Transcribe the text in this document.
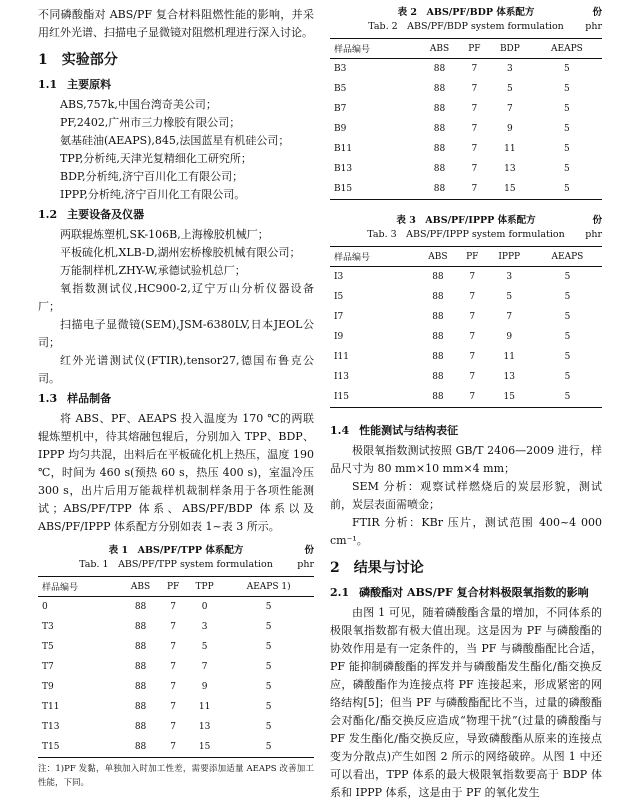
不同磷酸酯对 ABS/PF 复合材料阻燃性能的影响，并采用红外光谱、扫描电子显微镜对阻燃机理进行深入讨论。

1　 实验部分
1.1 主要原料

ABS,757k,中国台湾奇美公司；

PF,2402,广州市三力橡胶有限公司；

氨基硅油(AEAPS),845,法国蓝星有机硅公司；

TPP,分析纯,天津光复精细化工研究所；

BDP,分析纯,济宁百川化工有限公司；

IPPP,分析纯,济宁百川化工有限公司。

1.2 主要设备及仪器

两联辊炼塑机,SK-106B,上海橡胶机械厂；

平板硫化机,XLB-D,湖州宏桥橡胶机械有限公司；

万能制样机,ZHY-W,承德试验机总厂；

氧指数测试仪,HC900-2,辽宁万山分析仪器设备厂；

扫描电子显微镜(SEM),JSM-6380LV,日本JEOL公司；

红外光谱测试仪(FTIR),tensor27,德国布鲁克公司。

1.3 样品制备

将 ABS、PF、AEAPS 投入温度为 170 ℃的两联辊炼塑机中，待其熔融包辊后，分别加入 TPP、BDP、IPPP 均匀共混，出料后在平板硫化机上热压，温度 190 ℃，时间为 460 s(预热 60 s，热压 400 s)，室温冷压 300 s，出片后用万能裁样机裁制样条用于各项性能测试；ABS/PF/TPP 体系、ABS/PF/BDP 体系以及 ABS/PF/IPPP 体系配方分别如表 1~表 3 所示。

表 1　ABS/PF/TPP 体系配方	份
Tab. 1　ABS/PF/TPP system formulation	phr
样品编号	ABS	PF	TPP	AEAPS 1)
0	88	7	0	5
T3	88	7	3	5
T5	88	7	5	5
T7	88	7	7	5
T9	88	7	9	5
T11	88	7	11	5
T13	88	7	13	5
T15	88	7	15	5

注：1)PF 发黏，单独加入时加工性差，需要添加适量 AEAPS 改善加工性能，下同。

表 2　ABS/PF/BDP 体系配方	份
Tab. 2　ABS/PF/BDP system formulation phr
样品编号	ABS	PF	BDP	AEAPS
B3	88	7	3	5
B5	88	7	5	5
B7	88	7	7	5
B9	88	7	9	5
B11	88	7	11	5
B13	88	7	13	5
B15	88	7	15	5
表 3　ABS/PF/IPPP 体系配方	份
Tab. 3　ABS/PF/IPPP system formulation phr
样品编号	ABS	PF	IPPP	AEAPS
I3	88	7	3	5
I5	88	7	5	5
I7	88	7	7	5
I9	88	7	9	5
I11	88	7	11	5
I13	88	7	13	5
I15	88	7	15	5
1.4 性能测试与结构表征

极限氧指数测试按照 GB/T 2406—2009 进行，样品尺寸为 80 mm×10 mm×4 mm；

SEM 分析：观察试样燃烧后的炭层形貌，测试前，炭层表面需喷金；

FTIR 分析：KBr 压片，测试范围 400~4 000 cm⁻¹。

2　 结果与讨论
2.1 磷酸酯对 ABS/PF 复合材料极限氧指数的影响

由图 1 可见，随着磷酸酯含量的增加，不同体系的极限氧指数都有极大值出现。这是因为 PF 与磷酸酯的协效作用是有一定条件的，当 PF 与磷酸酯配比合适，PF 能抑制磷酸酯的挥发并与磷酸酯发生酯化/酯交换反应，磷酸酯作为连接点将 PF 连接起来，形成紧密的网络结构[5]；但当 PF 与磷酸酯配比不当，过量的磷酸酯会对酯化/酯交换反应造成“物理干扰”(过量的磷酸酯与 PF 发生酯化/酯交换反应，导致磷酸酯从原来的连接点变为分散点)产生如图 2 所示的网络破碎。从图 1 中还可以看出，TPP 体系的最大极限氧指数要高于 BDP 体系和 IPPP 体系，这是由于 PF 的氧化发生
